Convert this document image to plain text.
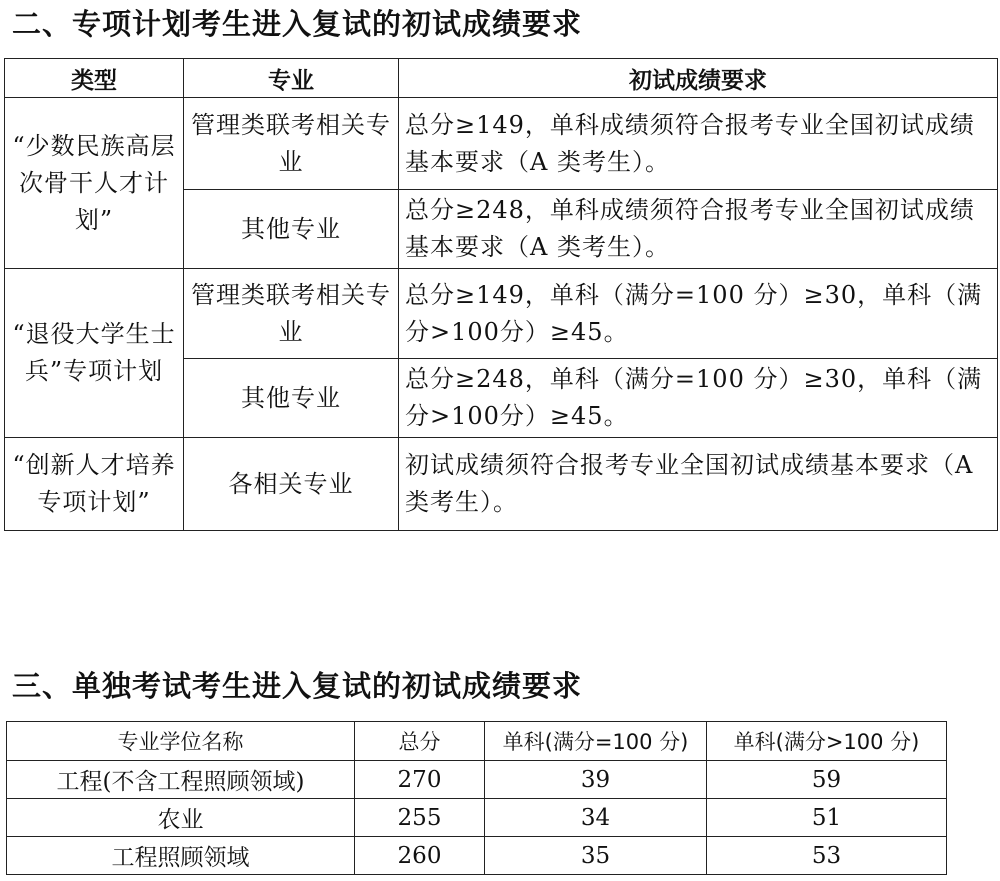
二、专项计划考生进入复试的初试成绩要求
类型	专业	初试成绩要求
“少数民族高层次骨干人才计划”	管理类联考相关专业	总分≥149，单科成绩须符合报考专业全国初试成绩基本要求（A 类考生）。
	其他专业	总分≥248，单科成绩须符合报考专业全国初试成绩基本要求（A 类考生）。
“退役大学生士兵”专项计划	管理类联考相关专业	总分≥149，单科（满分=100 分）≥30，单科（满分>100分）≥45。
	其他专业	总分≥248，单科（满分=100 分）≥30，单科（满分>100分）≥45。
“创新人才培养专项计划”	各相关专业	初试成绩须符合报考专业全国初试成绩基本要求（A 类考生）。
三、单独考试考生进入复试的初试成绩要求
专业学位名称	总分	单科(满分=100 分)	单科(满分>100 分)
工程(不含工程照顾领域)	270	39	59
农业	255	34	51
工程照顾领域	260	35	53
